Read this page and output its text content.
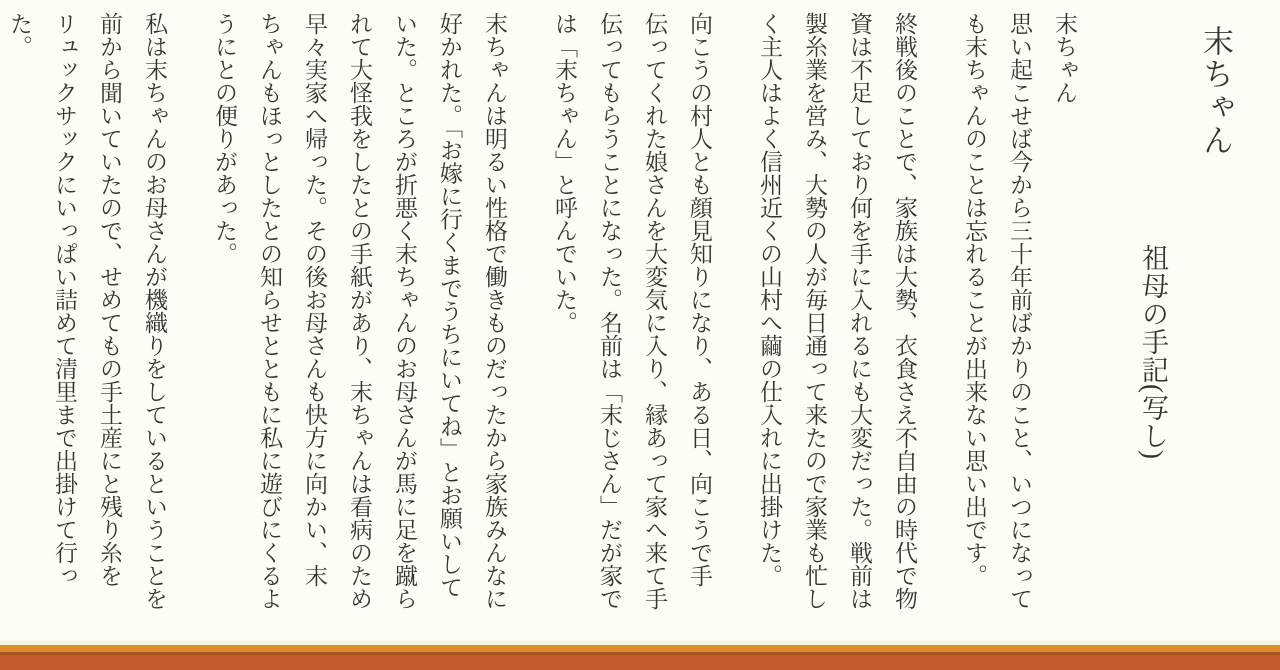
末ちゃん
祖母の手記(写し)
末ちゃん

思い起こせば今から三十年前ばかりのこと、いつになっても末ちゃんのことは忘れることが出来ない思い出です。

終戦後のことで、家族は大勢、衣食さえ不自由の時代で物資は不足しており何を手に入れるにも大変だった。戦前は製糸業を営み、大勢の人が毎日通って来たので家業も忙しく主人はよく信州近くの山村へ繭の仕入れに出掛けた。

向こうの村人とも顔見知りになり、ある日、向こうで手伝ってくれた娘さんを大変気に入り、縁あって家へ来て手伝ってもらうことになった。名前は「末じさん」だが家では「末ちゃん」と呼んでいた。

末ちゃんは明るい性格で働きものだったから家族みんなに好かれた。「お嫁に行くまでうちにいてね」とお願いしていた。ところが折悪く末ちゃんのお母さんが馬に足を蹴られて大怪我をしたとの手紙があり、末ちゃんは看病のため早々実家へ帰った。その後お母さんも快方に向かい、末ちゃんもほっとしたとの知らせとともに私に遊びにくるようにとの便りがあった。

私は末ちゃんのお母さんが機織りをしているということを前から聞いていたので、せめてもの手土産にと残り糸をリュックサックにいっぱい詰めて清里まで出掛けて行った。
